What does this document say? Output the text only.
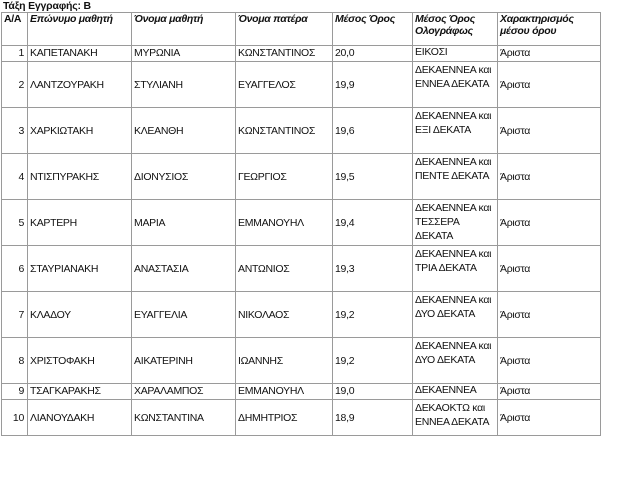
Τάξη Εγγραφής: Β
Α/Α	Επώνυμο μαθητή	Όνομα μαθητή	Όνομα πατέρα	Μέσος Όρος	Μέσος Όρος Ολογράφως	Χαρακτηρισμός μέσου όρου
1	ΚΑΠΕΤΑΝΑΚΗ	ΜΥΡΩΝΙΑ	ΚΩΝΣΤΑΝΤΙΝΟΣ	20,0	ΕΙΚΟΣΙ	Άριστα
2	ΛΑΝΤΖΟΥΡΑΚΗ	ΣΤΥΛΙΑΝΗ	ΕΥΑΓΓΕΛΟΣ	19,9	ΔΕΚΑΕΝΝΕΑ και ΕΝΝΕΑ ΔΕΚΑΤΑ	Άριστα
3	ΧΑΡΚΙΩΤΑΚΗ	ΚΛΕΑΝΘΗ	ΚΩΝΣΤΑΝΤΙΝΟΣ	19,6	ΔΕΚΑΕΝΝΕΑ και ΕΞΙ ΔΕΚΑΤΑ	Άριστα
4	ΝΤΙΣΠΥΡΑΚΗΣ	ΔΙΟΝΥΣΙΟΣ	ΓΕΩΡΓΙΟΣ	19,5	ΔΕΚΑΕΝΝΕΑ και ΠΕΝΤΕ ΔΕΚΑΤΑ	Άριστα
5	ΚΑΡΤΕΡΗ	ΜΑΡΙΑ	ΕΜΜΑΝΟΥΗΛ	19,4	ΔΕΚΑΕΝΝΕΑ και ΤΕΣΣΕΡΑ ΔΕΚΑΤΑ	Άριστα
6	ΣΤΑΥΡΙΑΝΑΚΗ	ΑΝΑΣΤΑΣΙΑ	ΑΝΤΩΝΙΟΣ	19,3	ΔΕΚΑΕΝΝΕΑ και ΤΡΙΑ ΔΕΚΑΤΑ	Άριστα
7	ΚΛΑΔΟΥ	ΕΥΑΓΓΕΛΙΑ	ΝΙΚΟΛΑΟΣ	19,2	ΔΕΚΑΕΝΝΕΑ και ΔΥΟ ΔΕΚΑΤΑ	Άριστα
8	ΧΡΙΣΤΟΦΑΚΗ	ΑΙΚΑΤΕΡΙΝΗ	ΙΩΑΝΝΗΣ	19,2	ΔΕΚΑΕΝΝΕΑ και ΔΥΟ ΔΕΚΑΤΑ	Άριστα
9	ΤΣΑΓΚΑΡΑΚΗΣ	ΧΑΡΑΛΑΜΠΟΣ	ΕΜΜΑΝΟΥΗΛ	19,0	ΔΕΚΑΕΝΝΕΑ	Άριστα
10	ΛΙΑΝΟΥΔΑΚΗ	ΚΩΝΣΤΑΝΤΙΝΑ	ΔΗΜΗΤΡΙΟΣ	18,9	ΔΕΚΑΟΚΤΩ και ΕΝΝΕΑ ΔΕΚΑΤΑ	Άριστα
